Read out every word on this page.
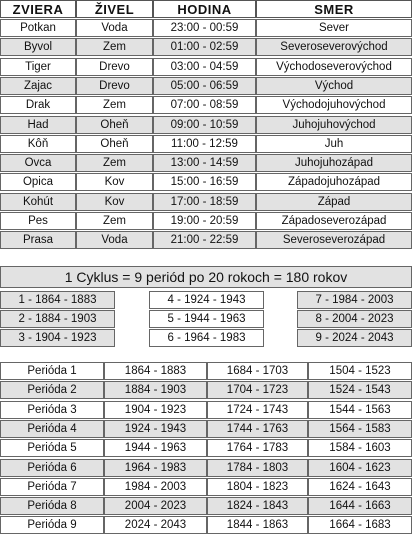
ZVIERA	ŽIVEL	HODINA	SMER
Potkan	Voda	23:00 - 00:59	Sever
Byvol	Zem	01:00 - 02:59	Severoseverovýchod
Tiger	Drevo	03:00 - 04:59	Východoseverovýchod
Zajac	Drevo	05:00 - 06:59	Východ
Drak	Zem	07:00 - 08:59	Východojuhovýchod
Had	Oheň	09:00 - 10:59	Juhojuhovýchod
Kôň	Oheň	11:00 - 12:59	Juh
Ovca	Zem	13:00 - 14:59	Juhojuhozápad
Opica	Kov	15:00 - 16:59	Západojuhozápad
Kohút	Kov	17:00 - 18:59	Západ
Pes	Zem	19:00 - 20:59	Západoseverozápad
Prasa	Voda	21:00 - 22:59	Severoseverozápad
1 Cyklus = 9 periód po 20 rokoch = 180 rokov
1 - 1864 - 1883	4 - 1924 - 1943	7 - 1984 - 2003
2 - 1884 - 1903	5 - 1944 - 1963	8 - 2004 - 2023
3 - 1904 - 1923	6 - 1964 - 1983	9 - 2024 - 2043
Perióda 1	1864 - 1883	1684 - 1703	1504 - 1523
Perióda 2	1884 - 1903	1704 - 1723	1524 - 1543
Perióda 3	1904 - 1923	1724 - 1743	1544 - 1563
Perióda 4	1924 - 1943	1744 - 1763	1564 - 1583
Perióda 5	1944 - 1963	1764 - 1783	1584 - 1603
Perióda 6	1964 - 1983	1784 - 1803	1604 - 1623
Perióda 7	1984 - 2003	1804 - 1823	1624 - 1643
Perióda 8	2004 - 2023	1824 - 1843	1644 - 1663
Perióda 9	2024 - 2043	1844 - 1863	1664 - 1683
